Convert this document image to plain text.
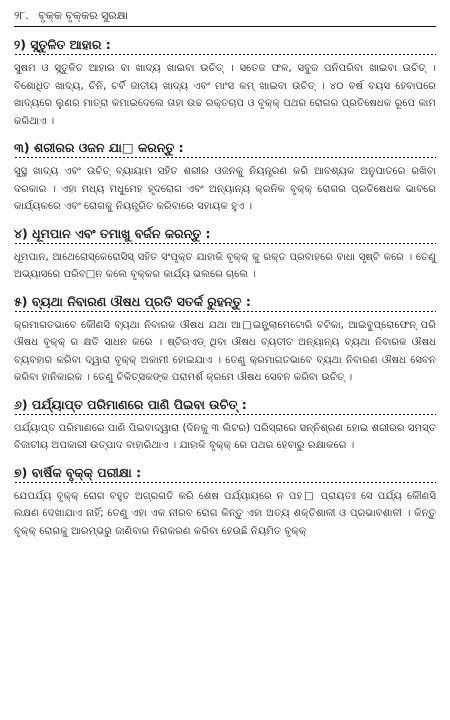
୨୮. ବୃକ୍କ ବୃକ୍କର ସୁରକ୍ଷା
୨) ସ୍ନ୍ତୁଳିତ ଆହାର :

ସୁଷମ ଓ ସ୍ନ୍ତୁଳିତ ଆହାର ବା ଖାଦ୍ୟ ଖାଇବା ଉଚିତ୍ । ସତେଜ ଫଳ, ସବୁଜ ପନିପରିବା ଖାଇବା ଉଚିତ୍ । ବିଶୋଧିତ ଖାଦ୍ୟ, ଚିନି, ଚର୍ବି ଜାତୀୟ ଖାଦ୍ୟ ଏବଂ ମାଂସ କମ୍ ଖାଇବା ଉଚିତ୍ । ୪୦ ବର୍ଷ ବୟସ ହେବାପରେ ଖାଦ୍ୟରେ ଲୁଣର ମାତ୍ରା କମାଇଦେଲେ ତାହା ଉଚ୍ଚ ରକ୍ତଚାପ ଓ ବୃକ୍କ୍ ପଥର ରୋଗର ପ୍ରତିଷେଧକ ରୂପେ କାମ କରିଥାଏ ।

୩) ଶରୀରର ଓଜନ ଯା□ କରନ୍ତୁ :

ସୁସ୍ଥ ଖାଦ୍ୟ ଏବଂ ଉଚିତ୍ ବ୍ୟାୟାମ ସହିତ ଶରୀର ଓଜନକୁ ନିୟନ୍ତ୍ରଣ କରି ଆବଶ୍ୟକ ଅନୁପାତରେ ରଖିବା ଦରକାର । ଏହା ମଧ୍ୟ ମଧୁମେହ ହୃଦରୋଗ ଏବଂ ଅନ୍ୟାନ୍ୟ କ୍ରନିକ ବୃକ୍କ୍ ରୋଗର ପ୍ରତିଷେଧକ ଭାବରେ କାର୍ଯ୍ୟକରେ ଏବଂ ରୋଗକୁ ନିୟନ୍ତ୍ରିତ କରିବାରେ ସହାୟକ ହୁଏ ।

୪) ଧୂମପାନ ଏବଂ ତମାଖୁ ବର୍ଜନ କରନ୍ତୁ :

ଧୂମପାନ, ଆଥେରୋସ୍କେରୋସିସ୍ ସହିତ ସଂପୃକ୍ତ ଯାହାକି ବୃକ୍କ୍ କୁ ରକ୍ତ ପ୍ରବାହରେ ବାଧା ସୃଷ୍ଟି କରେ । ତେଣୁ ଅଭ୍ୟାସରେ ପରିବ□ନ କଲେ ବୃକ୍କର କାର୍ଯ୍ୟ ଭଲରେ ଚାଲେ ।

୫) ବ୍ୟଥା ନିବାରଣ ଔଷଧ ପ୍ରତି ସତର୍କ ରୁହନ୍ତୁ :

କ୍ରମାଗତଭାବେ କୌଣସି ବ୍ୟଥା ନିବାରକ ଔଷଧ ଯଥା ଆ□ଇନ୍ଫ୍ଲାମେଟୋରି ବଟିକା, ଆଇବୁପ୍ରୋଫେନ୍ ପରି ଔଷଧ ବୃକ୍କ୍ ର କ୍ଷତି ସାଧନ କରେ । ଷ୍ଟିରଏଡ୍ ଥିବା ଔଷଧ ବ୍ୟତୀତ ଅନ୍ୟାନ୍ୟ ବ୍ୟଥା ନିବାରକ ଔଷଧ ବ୍ୟବହାର କରିବା ଦ୍ୱାରା ବୃକ୍କ୍ ଅକାମୀ ହୋଇଯାଏ । ତେଣୁ କ୍ରମାଗତଭାବେ ବ୍ୟଥା ନିବାରଣ ଔଷଧ ସେବନ କରିବା ହାନିକାରକ । ତେଣୁ ଚିକିତ୍ସକଙ୍କ ପରାମର୍ଶ କ୍ରମେ ଔଷଧ ସେବନ କରିବା ଉଚିତ୍ ।

୬) ପର୍ଯ୍ୟାପ୍ତ ପରିମାଣରେ ପାଣି ପିଇବା ଉଚିତ୍ :

ପର୍ଯ୍ୟାପ୍ତ ପରିମାଣରେ ପାଣି ପିଇବାଦ୍ୱାରା (ଦିନକୁ ୩ ଲିଟର) ପରିସ୍ରାରେ ସନ୍ନିଶ୍ରଣ ହୋଇ ଶରୀରର ସମସ୍ତ ବିଜାତୀୟ ଅପକାରୀ ଉତ୍ପାଦ ବାହାରିଥାଏ । ଯାହାକି ବୃକ୍କ୍ ରେ ପଥର ହେବାରୁ ରକ୍ଷାକରେ ।

୭) ବାର୍ଷିକ ବୃକ୍କ୍ ପରୀକ୍ଷା :

ଯେପର୍ଯ୍ୟ ବୃକ୍କ୍ ରୋଗ ବହୁତ ଅଗ୍ରଗତି କରି ଶେଷ ପର୍ଯ୍ୟାୟରେ ନ ପହ□ ପ୍ରାୟତଃ ସେ ପର୍ଯ୍ୟ କୌଣସି ଲକ୍ଷଣ ଦେଖାଯାଏ ନାହିଁ; ତେଣୁ ଏହା ଏକ ନୀରବ ରୋଗ କିନ୍ତୁ ଏହା ଅତ୍ୟ ଶକ୍ତିଶାଳୀ ଓ ପ୍ରଭାବଶାଳୀ । କିନ୍ତୁ ବୃକ୍କ୍ ରୋଗକୁ ଆରମ୍ଭରୁ ଜାଣିବାର ନିରାକରଣ କରିବା ହେଉଛି ନିୟମିତ ବୃକ୍କ୍
